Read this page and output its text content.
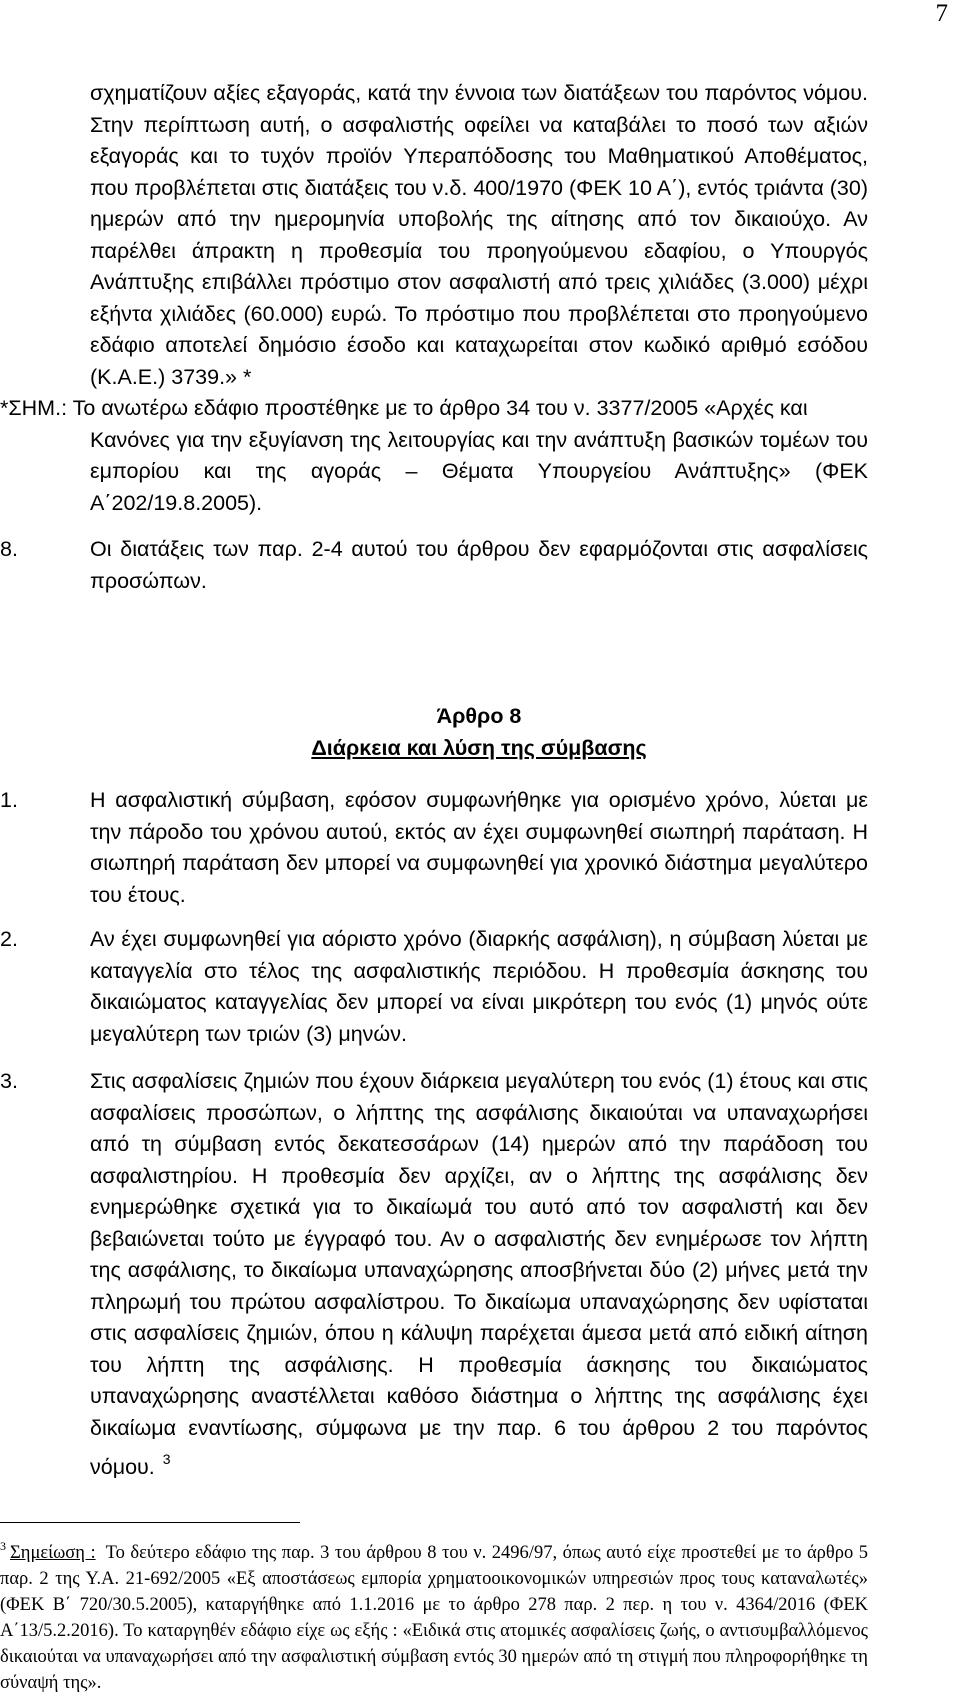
7

σχηματίζουν αξίες εξαγοράς, κατά την έννοια των διατάξεων του παρόντος νόμου. Στην περίπτωση αυτή, ο ασφαλιστής οφείλει να καταβάλει το ποσό των αξιών εξαγοράς και το τυχόν προϊόν Υπεραπόδοσης του Μαθηματικού Αποθέματος, που προβλέπεται στις διατάξεις του ν.δ. 400/1970 (ΦΕΚ 10 Α΄), εντός τριάντα (30) ημερών από την ημερομηνία υποβολής της αίτησης από τον δικαιούχο. Αν παρέλθει άπρακτη η προθεσμία του προηγούμενου εδαφίου, ο Υπουργός Ανάπτυξης επιβάλλει πρόστιμο στον ασφαλιστή από τρεις χιλιάδες (3.000) μέχρι εξήντα χιλιάδες (60.000) ευρώ. Το πρόστιμο που προβλέπεται στο προηγούμενο εδάφιο αποτελεί δημόσιο έσοδο και καταχωρείται στον κωδικό αριθμό εσόδου (Κ.Α.Ε.) 3739.» *

*ΣΗΜ.: Το ανωτέρω εδάφιο προστέθηκε με το άρθρο 34 του ν. 3377/2005 «Αρχές και
Κανόνες για την εξυγίανση της λειτουργίας και την ανάπτυξη βασικών τομέων του εμπορίου και της αγοράς – Θέματα Υπουργείου Ανάπτυξης» (ΦΕΚ Α΄202/19.8.2005).
8.	Οι διατάξεις των παρ. 2-4 αυτού του άρθρου δεν εφαρμόζονται στις ασφαλίσεις προσώπων.
Άρθρο 8
Διάρκεια και λύση της σύμβασης
1.	Η ασφαλιστική σύμβαση, εφόσον συμφωνήθηκε για ορισμένο χρόνο, λύεται με την πάροδο του χρόνου αυτού, εκτός αν έχει συμφωνηθεί σιωπηρή παράταση. Η σιωπηρή παράταση δεν μπορεί να συμφωνηθεί για χρονικό διάστημα μεγαλύτερο του έτους.
2.	Αν έχει συμφωνηθεί για αόριστο χρόνο (διαρκής ασφάλιση), η σύμβαση λύεται με καταγγελία στο τέλος της ασφαλιστικής περιόδου. Η προθεσμία άσκησης του δικαιώματος καταγγελίας δεν μπορεί να είναι μικρότερη του ενός (1) μηνός ούτε μεγαλύτερη των τριών (3) μηνών.
3.	Στις ασφαλίσεις ζημιών που έχουν διάρκεια μεγαλύτερη του ενός (1) έτους και στις ασφαλίσεις προσώπων, ο λήπτης της ασφάλισης δικαιούται να υπαναχωρήσει από τη σύμβαση εντός δεκατεσσάρων (14) ημερών από την παράδοση του ασφαλιστηρίου. Η προθεσμία δεν αρχίζει, αν ο λήπτης της ασφάλισης δεν ενημερώθηκε σχετικά για το δικαίωμά του αυτό από τον ασφαλιστή και δεν βεβαιώνεται τούτο με έγγραφό του. Αν ο ασφαλιστής δεν ενημέρωσε τον λήπτη της ασφάλισης, το δικαίωμα υπαναχώρησης αποσβήνεται δύο (2) μήνες μετά την πληρωμή του πρώτου ασφαλίστρου. Το δικαίωμα υπαναχώρησης δεν υφίσταται στις ασφαλίσεις ζημιών, όπου η κάλυψη παρέχεται άμεσα μετά από ειδική αίτηση του λήπτη της ασφάλισης. Η προθεσμία άσκησης του δικαιώματος υπαναχώρησης αναστέλλεται καθόσο διάστημα ο λήπτης της ασφάλισης έχει δικαίωμα εναντίωσης, σύμφωνα με την παρ. 6 του άρθρου 2 του παρόντος νόμου. $^3$

$^3$ Σημείωση : Το δεύτερο εδάφιο της παρ. 3 του άρθρου 8 του ν. 2496/97, όπως αυτό είχε προστεθεί με το άρθρο 5 παρ. 2 της Υ.Α. 21-692/2005 «Εξ αποστάσεως εμπορία χρηματοοικονομικών υπηρεσιών προς τους καταναλωτές» (ΦΕΚ Β΄ 720/30.5.2005), καταργήθηκε από 1.1.2016 με το άρθρο 278 παρ. 2 περ. η του ν. 4364/2016 (ΦΕΚ Α΄13/5.2.2016). Το καταργηθέν εδάφιο είχε ως εξής : «Ειδικά στις ατομικές ασφαλίσεις ζωής, ο αντισυμβαλλόμενος δικαιούται να υπαναχωρήσει από την ασφαλιστική σύμβαση εντός 30 ημερών από τη στιγμή που πληροφορήθηκε τη σύναψή της».
